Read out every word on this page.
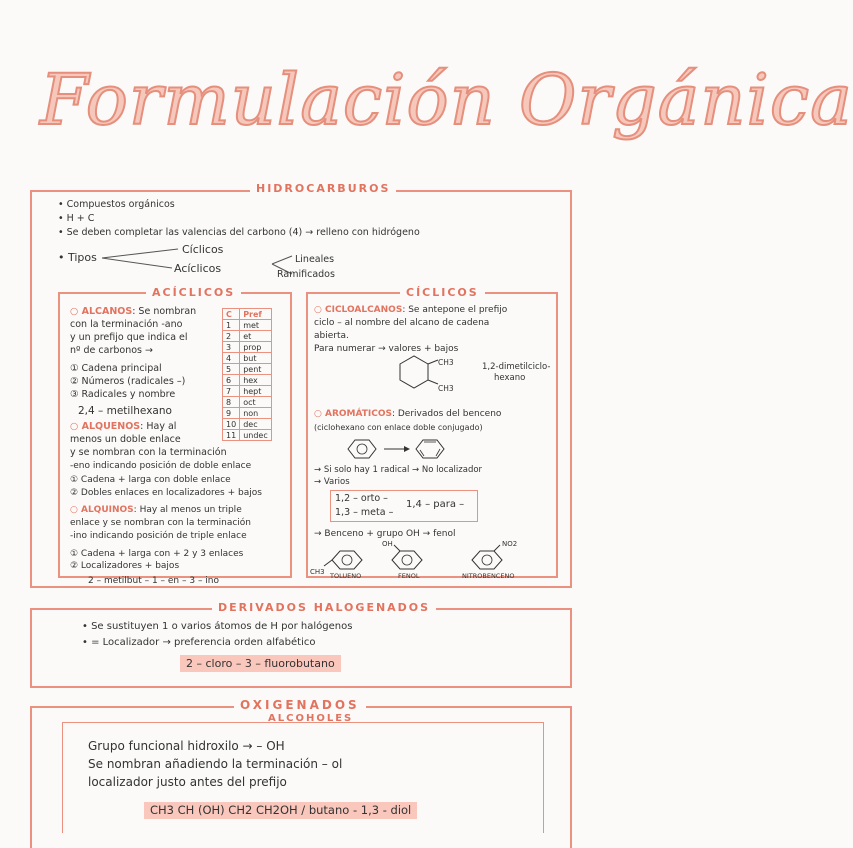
Formulación Orgánica
HIDROCARBUROS
• Compuestos orgánicos
• H + C
• Se deben completar las valencias del carbono (4) → relleno con hidrógeno
• Tipos
Cíclicos
Acíclicos
Lineales
Ramificados
ACÍCLICOS
○ ALCANOS: Se nombran
con la terminación -ano
y un prefijo que indica el
nº de carbonos →
① Cadena principal
② Números (radicales –)
③ Radicales y nombre
2,4 – metilhexano
C	Pref
1	met
2	et
3	prop
4	but
5	pent
6	hex
7	hept
8	oct
9	non
10	dec
11	undec
○ ALQUENOS: Hay al
menos un doble enlace
y se nombran con la terminación
-eno indicando posición de doble enlace
① Cadena + larga con doble enlace
② Dobles enlaces en localizadores + bajos
○ ALQUINOS: Hay al menos un triple
enlace y se nombran con la terminación
-ino indicando posición de triple enlace
① Cadena + larga con + 2 y 3 enlaces
② Localizadores + bajos
2 – metilbut – 1 – en – 3 – ino
CÍCLICOS
○ CICLOALCANOS: Se antepone el prefijo
ciclo – al nombre del alcano de cadena
abierta.
Para numerar → valores + bajos
CH3
CH3
1,2-dimetilciclo-
hexano
○ AROMÁTICOS: Derivados del benceno
(ciclohexano con enlace doble conjugado)
→ Si solo hay 1 radical → No localizador
→ Varios
1,2 – orto –
1,3 – meta –
1,4 – para –
→ Benceno + grupo OH → fenol
CH3
OH	NO2
TOLUENO	FENOL	NITROBENCENO
DERIVADOS HALOGENADOS
• Se sustituyen 1 o varios átomos de H por halógenos
• = Localizador → preferencia orden alfabético
2 – cloro – 3 – fluorobutano
OXIGENADOS
ALCOHOLES
Grupo funcional hidroxilo → – OH
Se nombran añadiendo la terminación – ol
localizador justo antes del prefijo
CH3 CH (OH) CH2 CH2OH / butano - 1,3 - diol
